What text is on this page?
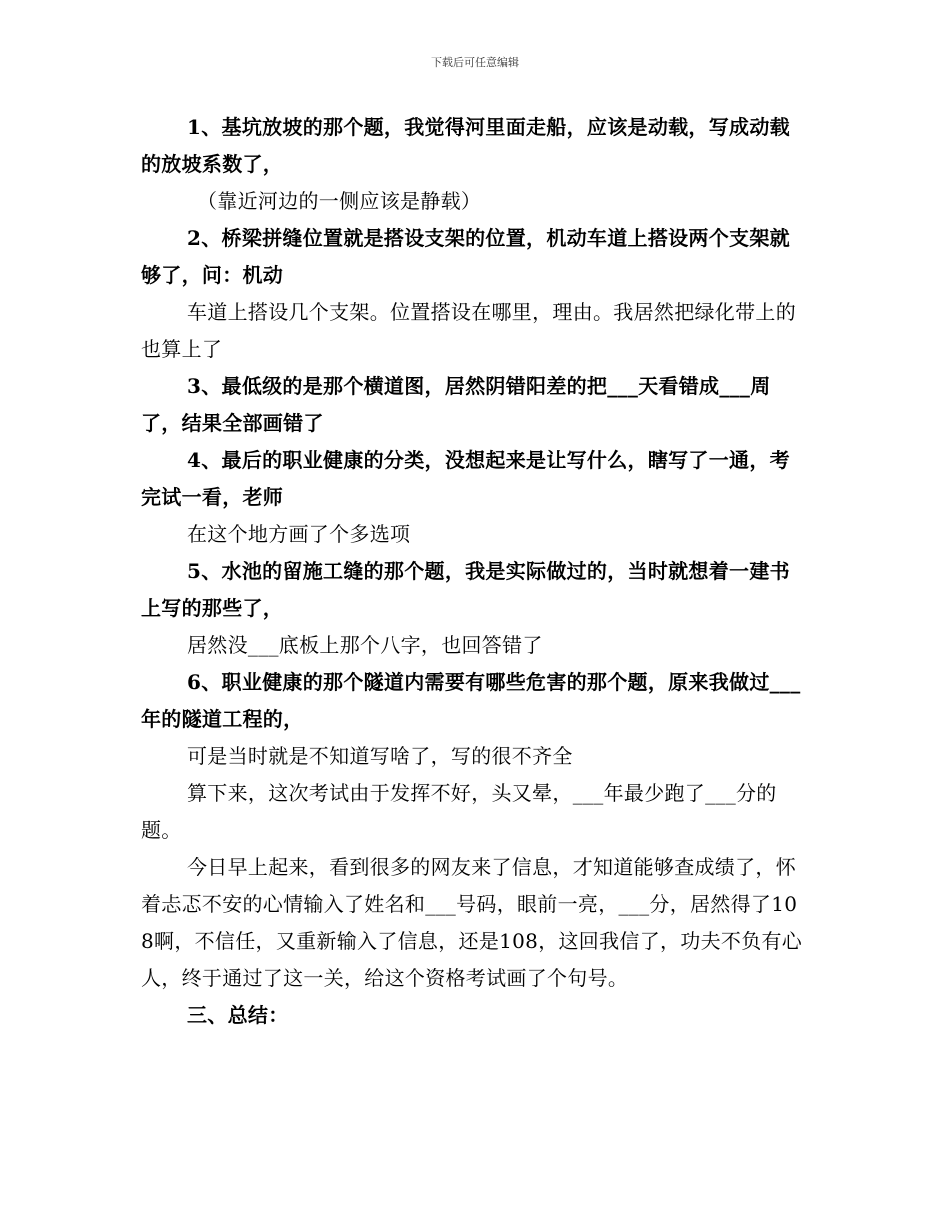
下载后可任意编辑

1、基坑放坡的那个题，我觉得河里面走船，应该是动载，写成动载的放坡系数了，

（靠近河边的一侧应该是静载）

2、桥梁拼缝位置就是搭设支架的位置，机动车道上搭设两个支架就够了，问：机动

车道上搭设几个支架。位置搭设在哪里，理由。我居然把绿化带上的也算上了

3、最低级的是那个横道图，居然阴错阳差的把___天看错成___周了，结果全部画错了

4、最后的职业健康的分类，没想起来是让写什么，瞎写了一通，考完试一看，老师

在这个地方画了个多选项

5、水池的留施工缝的那个题，我是实际做过的，当时就想着一建书上写的那些了，

居然没___底板上那个八字，也回答错了

6、职业健康的那个隧道内需要有哪些危害的那个题，原来我做过___年的隧道工程的，

可是当时就是不知道写啥了，写的很不齐全

算下来，这次考试由于发挥不好，头又晕，___年最少跑了___分的题。

今日早上起来，看到很多的网友来了信息，才知道能够查成绩了，怀着忐忑不安的心情输入了姓名和___号码，眼前一亮，___分，居然得了108啊，不信任，又重新输入了信息，还是108，这回我信了，功夫不负有心人，终于通过了这一关，给这个资格考试画了个句号。

三、总结：
